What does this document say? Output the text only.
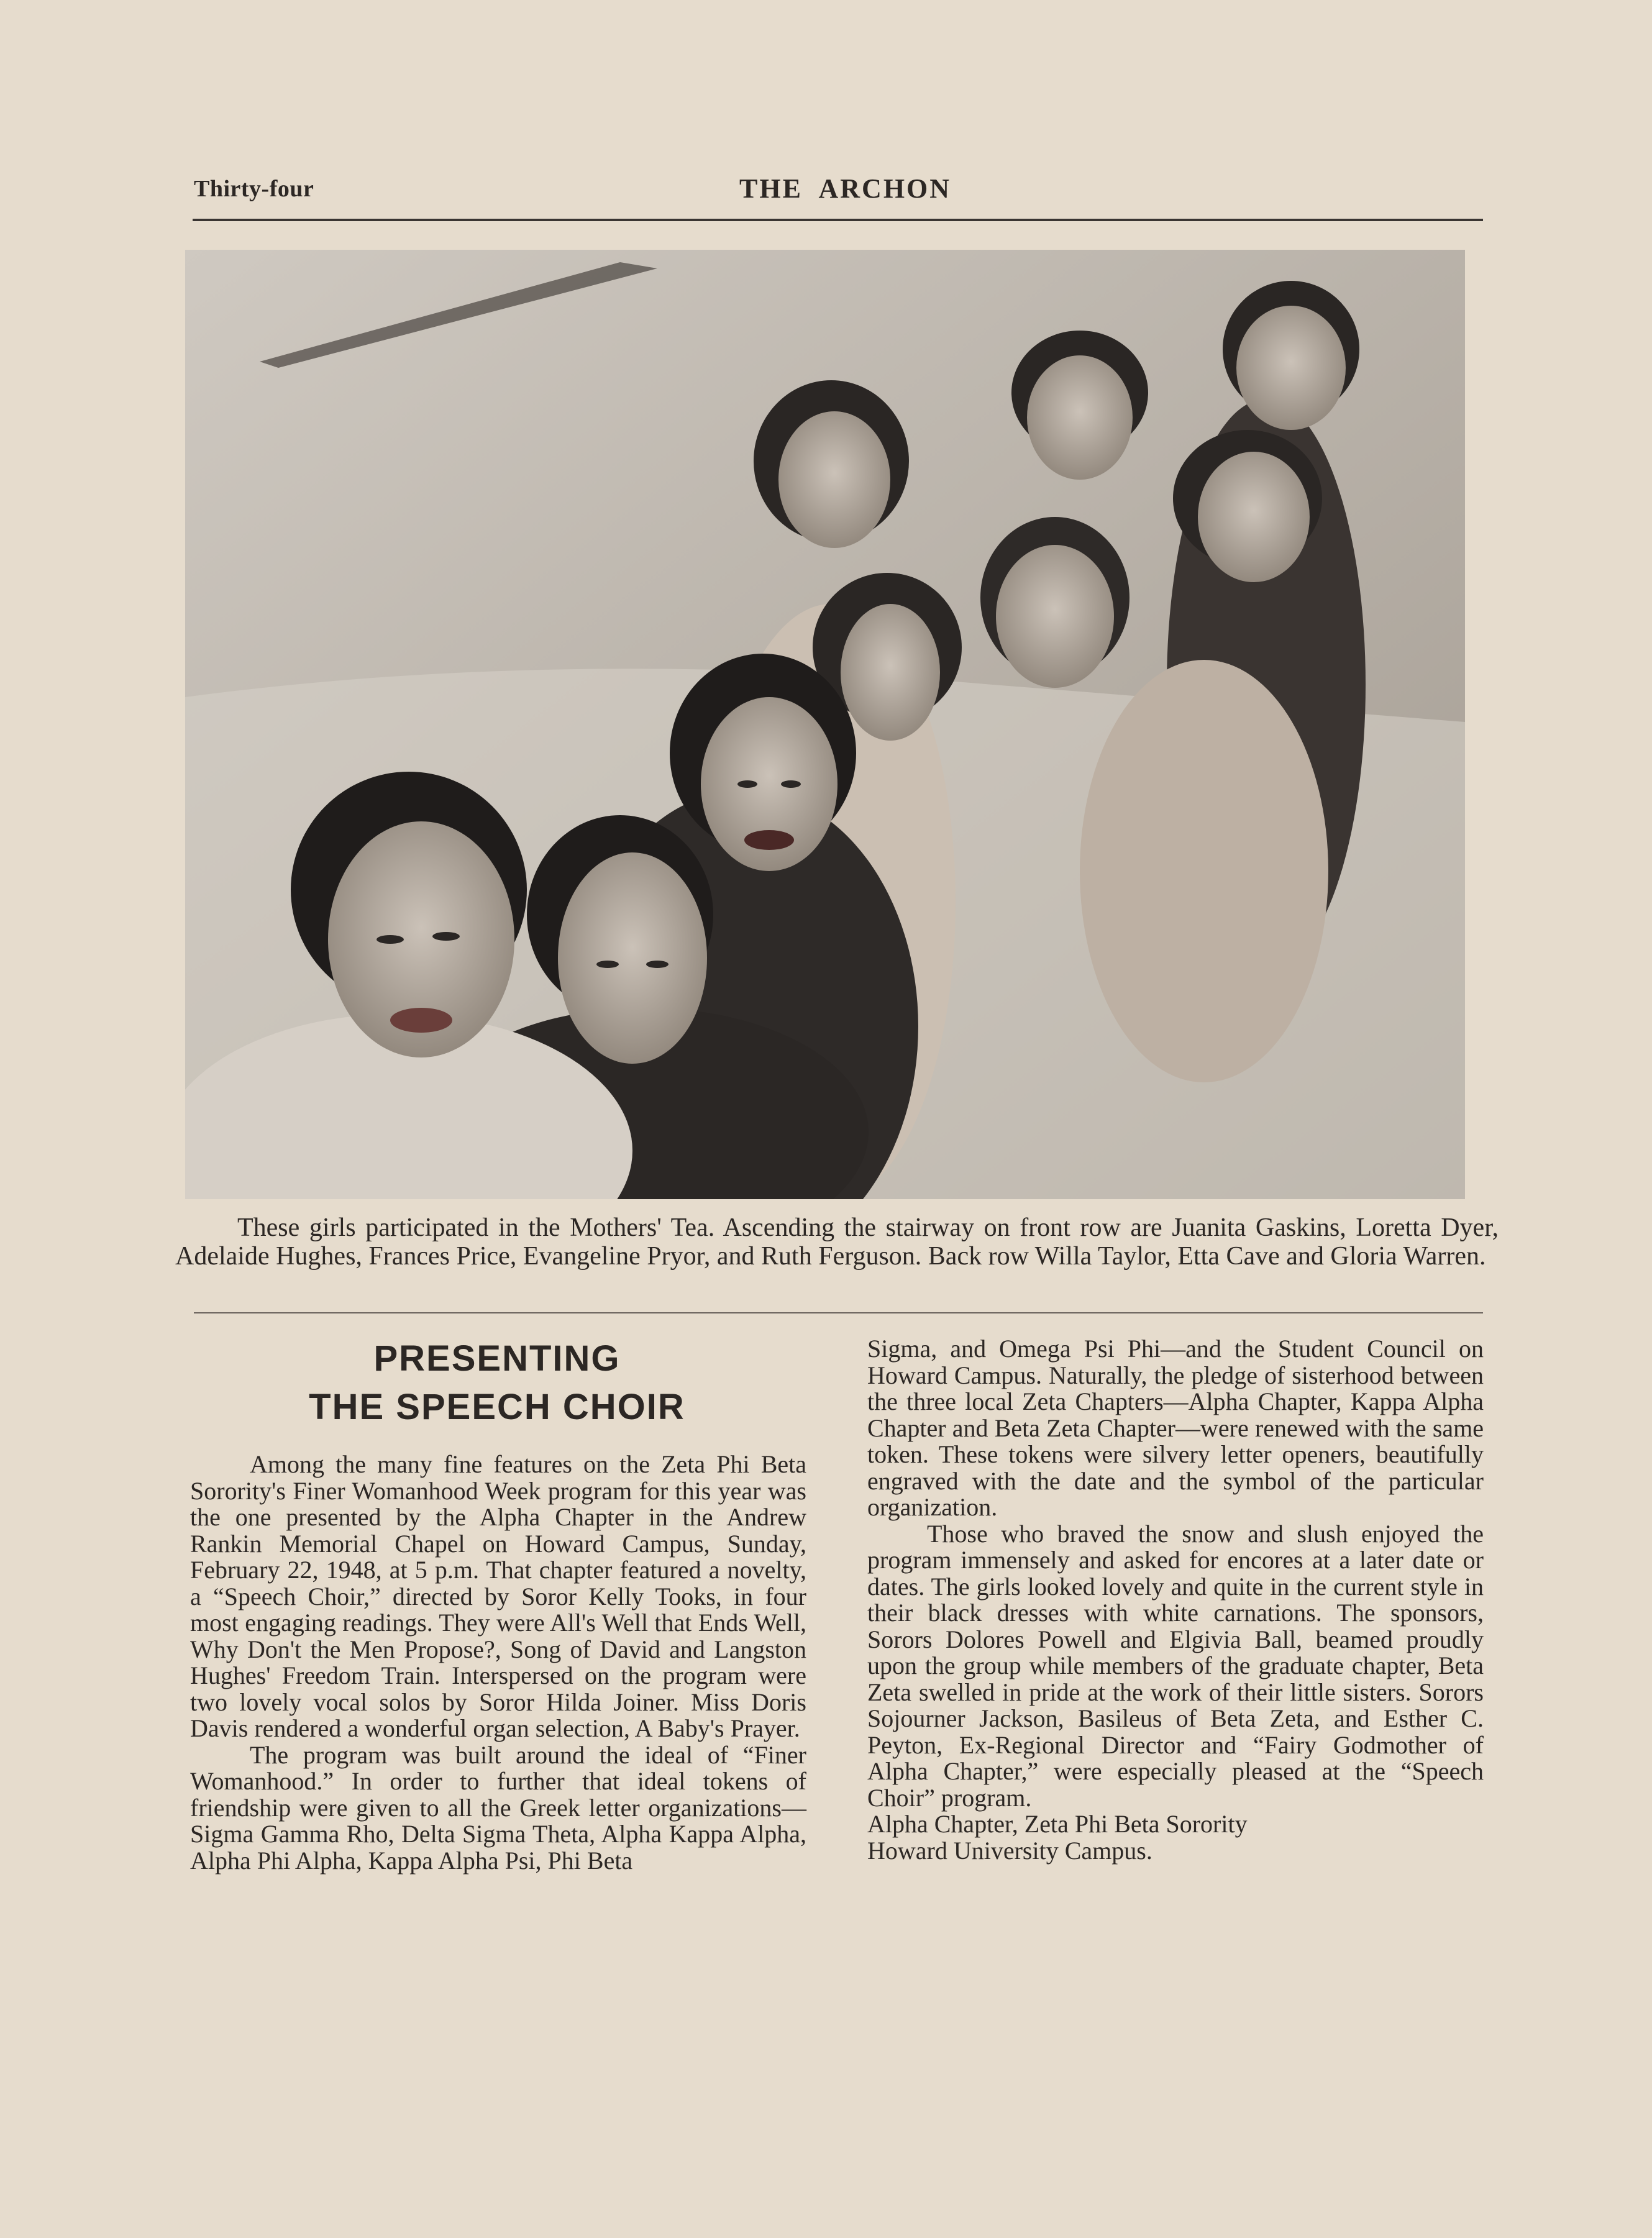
Thirty-four	THE ARCHON

These girls participated in the Mothers' Tea. Ascending the stairway on front row are Juanita Gaskins, Loretta Dyer, Adelaide Hughes, Frances Price, Evangeline Pryor, and Ruth Ferguson. Back row Willa Taylor, Etta Cave and Gloria Warren.

PRESENTING
THE SPEECH CHOIR

Among the many fine features on the Zeta Phi Beta Sorority's Finer Womanhood Week program for this year was the one presented by the Alpha Chapter in the Andrew Rankin Memorial Chapel on Howard Campus, Sunday, February 22, 1948, at 5 p.m. That chapter featured a novelty, a “Speech Choir,” directed by Soror Kelly Tooks, in four most engaging readings. They were All's Well that Ends Well, Why Don't the Men Propose?, Song of David and Langston Hughes' Freedom Train. Interspersed on the program were two lovely vocal solos by Soror Hilda Joiner. Miss Doris Davis rendered a wonderful organ selection, A Baby's Prayer.

The program was built around the ideal of “Finer Womanhood.” In order to further that ideal tokens of friendship were given to all the Greek letter organizations—Sigma Gamma Rho, Delta Sigma Theta, Alpha Kappa Alpha, Alpha Phi Alpha, Kappa Alpha Psi, Phi Beta

Sigma, and Omega Psi Phi—and the Student Council on Howard Campus. Naturally, the pledge of sisterhood between the three local Zeta Chapters—Alpha Chapter, Kappa Alpha Chapter and Beta Zeta Chapter—were renewed with the same token. These tokens were silvery letter openers, beautifully engraved with the date and the symbol of the particular organization.

Those who braved the snow and slush enjoyed the program immensely and asked for encores at a later date or dates. The girls looked lovely and quite in the current style in their black dresses with white carnations. The sponsors, Sorors Dolores Powell and Elgivia Ball, beamed proudly upon the group while members of the graduate chapter, Beta Zeta swelled in pride at the work of their little sisters. Sorors Sojourner Jackson, Basileus of Beta Zeta, and Esther C. Peyton, Ex-Regional Director and “Fairy Godmother of Alpha Chapter,” were especially pleased at the “Speech Choir” program.

Alpha Chapter, Zeta Phi Beta Sorority

Howard University Campus.
